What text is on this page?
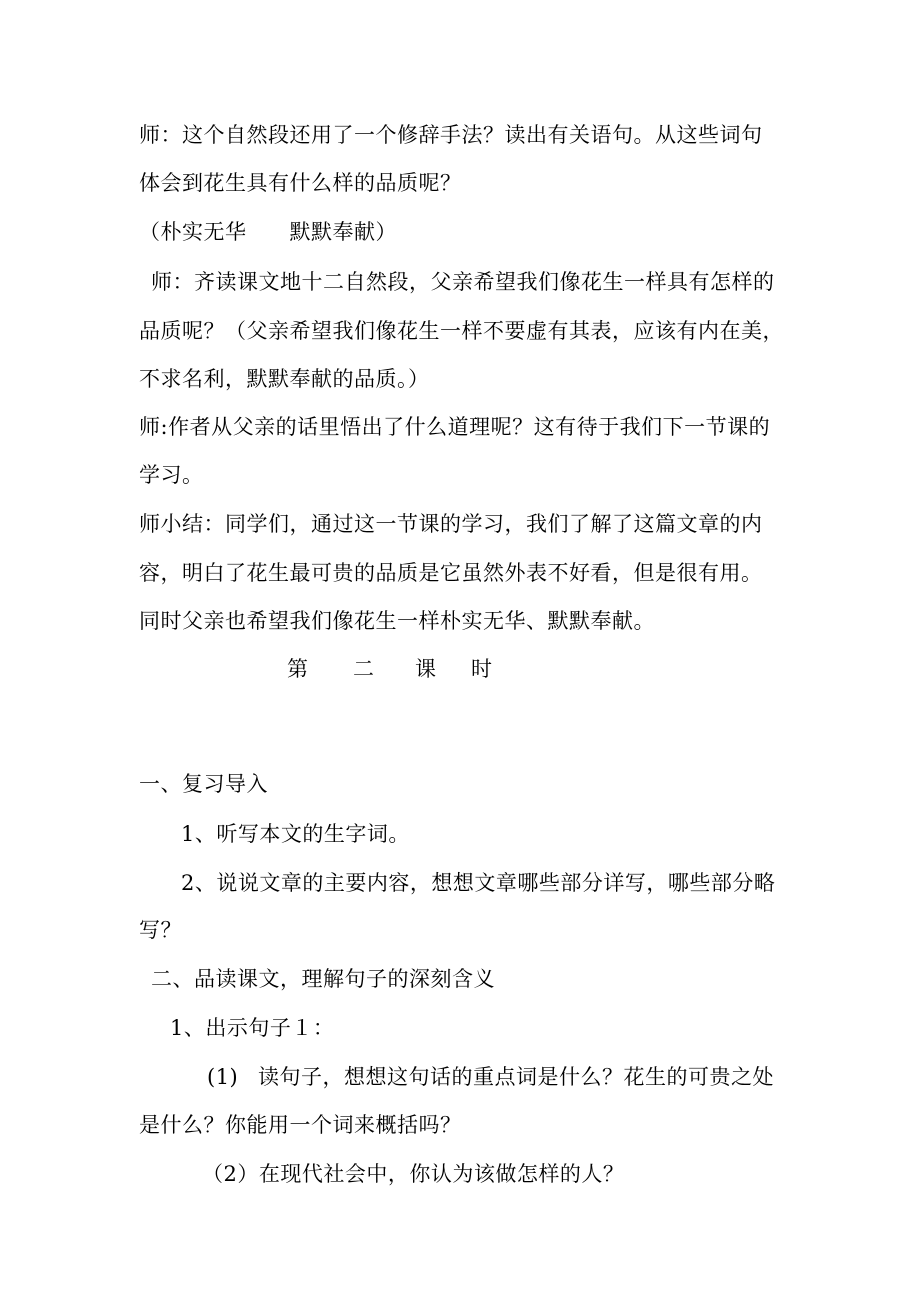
师：这个自然段还用了一个修辞手法？读出有关语句。从这些词句
体会到花生具有什么样的品质呢？
（朴实无华　　默默奉献）
师：齐读课文地十二自然段，父亲希望我们像花生一样具有怎样的
品质呢？（父亲希望我们像花生一样不要虚有其表，应该有内在美，
不求名利，默默奉献的品质。）
师:作者从父亲的话里悟出了什么道理呢？这有待于我们下一节课的
学习。
师小结：同学们，通过这一节课的学习，我们了解了这篇文章的内
容，明白了花生最可贵的品质是它虽然外表不好看，但是很有用。
同时父亲也希望我们像花生一样朴实无华、默默奉献。
第 二 课 时
一、复习导入
1、听写本文的生字词。
2、说说文章的主要内容，想想文章哪些部分详写，哪些部分略
写？
二、品读课文，理解句子的深刻含义
1、出示句子１：
(1) 读句子，想想这句话的重点词是什么？花生的可贵之处
是什么？你能用一个词来概括吗？
（2）在现代社会中，你认为该做怎样的人？
